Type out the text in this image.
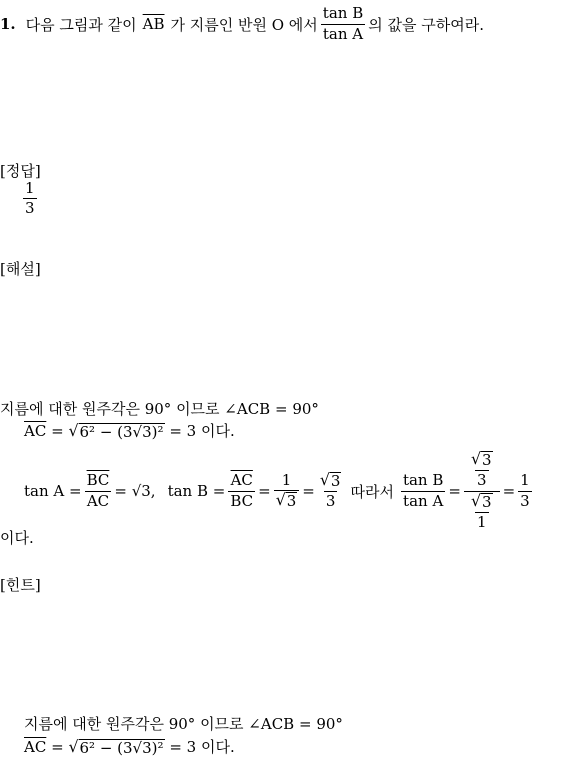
1. 다음 그림과 같이 $\overline{AB}$ 가 지름인 반원 O 에서 $\frac{\text{tan B}}{\text{tan A}}$ 의 값을 구하여라.
[정답]
$\frac{1}{3}$
[해설]
지름에 대한 원주각은 90° 이므로 ∠ACB = 90°
$\overline{AC}$ = √ 6² − (3√3)² = 3 이다.
$\tan A = \frac{\overline{BC}}{AC} = √3$, $\tan B = \frac{\overline{AC}}{BC} = \frac{1}{√ 3} = \frac{√ 3}{3}$ 따라서 $\frac{\text{tan B}}{\text{tan A}} = \frac{\frac{√ 3}{3}}{\frac{√ 3}{1}} = \frac{1}{3}$
이다.
[힌트]
지름에 대한 원주각은 90° 이므로 ∠ACB = 90°
$\overline{AC}$ = √ 6² − (3√3)² = 3 이다.
